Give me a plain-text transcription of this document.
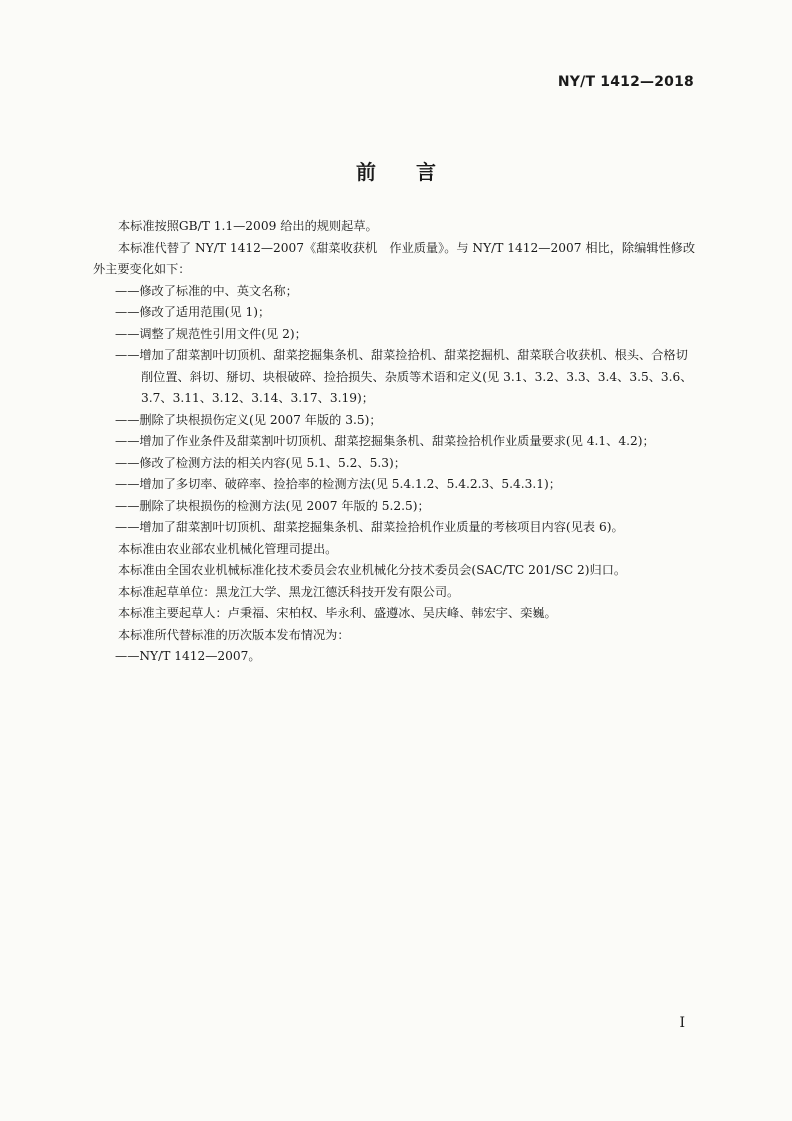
NY/T 1412—2018
前言

本标准按照GB/T 1.1—2009 给出的规则起草。

本标准代替了 NY/T 1412—2007《甜菜收获机　作业质量》。与 NY/T 1412—2007 相比，除编辑性修改外主要变化如下：

——修改了标准的中、英文名称；

——修改了适用范围(见 1)；

——调整了规范性引用文件(见 2)；

——增加了甜菜割叶切顶机、甜菜挖掘集条机、甜菜捡拾机、甜菜挖掘机、甜菜联合收获机、根头、合格切削位置、斜切、掰切、块根破碎、捡拾损失、杂质等术语和定义(见 3.1、3.2、3.3、3.4、3.5、3.6、3.7、3.11、3.12、3.14、3.17、3.19)；

——删除了块根损伤定义(见 2007 年版的 3.5)；

——增加了作业条件及甜菜割叶切顶机、甜菜挖掘集条机、甜菜捡拾机作业质量要求(见 4.1、4.2)；

——修改了检测方法的相关内容(见 5.1、5.2、5.3)；

——增加了多切率、破碎率、捡拾率的检测方法(见 5.4.1.2、5.4.2.3、5.4.3.1)；

——删除了块根损伤的检测方法(见 2007 年版的 5.2.5)；

——增加了甜菜割叶切顶机、甜菜挖掘集条机、甜菜捡拾机作业质量的考核项目内容(见表 6)。

本标准由农业部农业机械化管理司提出。

本标准由全国农业机械标准化技术委员会农业机械化分技术委员会(SAC/TC 201/SC 2)归口。

本标准起草单位：黑龙江大学、黑龙江德沃科技开发有限公司。

本标准主要起草人：卢秉福、宋柏权、毕永利、盛遵冰、吴庆峰、韩宏宇、栾巍。

本标准所代替标准的历次版本发布情况为：

——NY/T 1412—2007。

I
